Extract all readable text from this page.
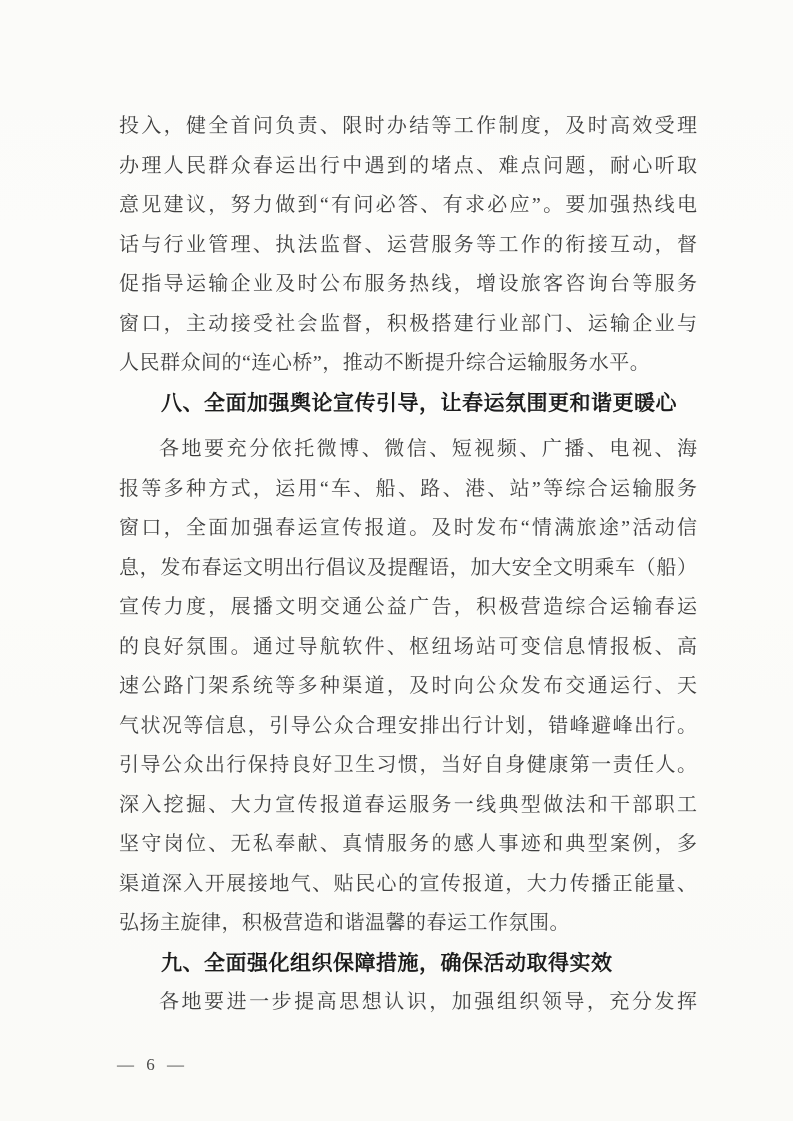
投入，健全首问负责、限时办结等工作制度，及时高效受理
办理人民群众春运出行中遇到的堵点、难点问题，耐心听取
意见建议，努力做到“有问必答、有求必应”。要加强热线电
话与行业管理、执法监督、运营服务等工作的衔接互动，督
促指导运输企业及时公布服务热线，增设旅客咨询台等服务
窗口，主动接受社会监督，积极搭建行业部门、运输企业与
人民群众间的“连心桥”，推动不断提升综合运输服务水平。
八、全面加强舆论宣传引导，让春运氛围更和谐更暖心
各地要充分依托微博、微信、短视频、广播、电视、海
报等多种方式，运用“车、船、路、港、站”等综合运输服务
窗口，全面加强春运宣传报道。及时发布“情满旅途”活动信
息，发布春运文明出行倡议及提醒语，加大安全文明乘车（船）
宣传力度，展播文明交通公益广告，积极营造综合运输春运
的良好氛围。通过导航软件、枢纽场站可变信息情报板、高
速公路门架系统等多种渠道，及时向公众发布交通运行、天
气状况等信息，引导公众合理安排出行计划，错峰避峰出行。
引导公众出行保持良好卫生习惯，当好自身健康第一责任人。
深入挖掘、大力宣传报道春运服务一线典型做法和干部职工
坚守岗位、无私奉献、真情服务的感人事迹和典型案例，多
渠道深入开展接地气、贴民心的宣传报道，大力传播正能量、
弘扬主旋律，积极营造和谐温馨的春运工作氛围。
九、全面强化组织保障措施，确保活动取得实效
各地要进一步提高思想认识，加强组织领导，充分发挥
— 6 —
